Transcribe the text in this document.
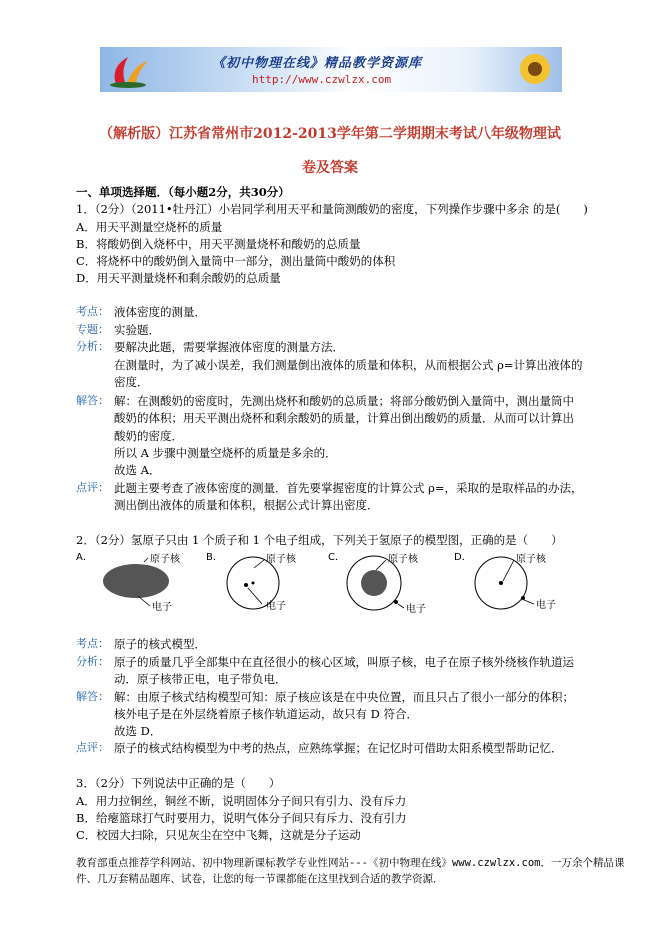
《初中物理在线》精品教学资源库
http://www.czwlzx.com
（解析版）江苏省常州市2012-2013学年第二学期期末考试八年级物理试
卷及答案
一、单项选择题．（每小题2分，共30分）
1．（2分）（2011•牡丹江）小岩同学利用天平和量筒测酸奶的密度，下列操作步骤中多余 的是(　　)
A．用天平测量空烧杯的质量
B．将酸奶倒入烧杯中，用天平测量烧杯和酸奶的总质量
C．将烧杯中的酸奶倒入量筒中一部分，测出量筒中酸奶的体积
D．用天平测量烧杯和剩余酸奶的总质量
考点： 液体密度的测量．
专题： 实验题．
分析： 要解决此题，需要掌握液体密度的测量方法．
在测量时，为了减小误差，我们测量倒出液体的质量和体积，从而根据公式 ρ=计算出液体的
密度．
解答： 解：在测酸奶的密度时，先测出烧杯和酸奶的总质量；将部分酸奶倒入量筒中，测出量筒中
酸奶的体积；用天平测出烧杯和剩余酸奶的质量，计算出倒出酸奶的质量．从而可以计算出
酸奶的密度．
所以 A 步骤中测量空烧杯的质量是多余的．
故选 A．
点评： 此题主要考查了液体密度的测量．首先要掌握密度的计算公式 ρ=，采取的是取样品的办法，
测出倒出液体的质量和体积，根据公式计算出密度．
2．（2分）氢原子只由 1 个质子和 1 个电子组成，下列关于氢原子的模型图，正确的是（　　）
A．	原子核
电子
B．	原子核
电子
C．	原子核
电子
D．	原子核
电子
考点： 原子的核式模型．
分析： 原子的质量几乎全部集中在直径很小的核心区域，叫原子核，电子在原子核外绕核作轨道运
动．原子核带正电，电子带负电．
解答： 解：由原子核式结构模型可知：原子核应该是在中央位置，而且只占了很小一部分的体积；
核外电子是在外层绕着原子核作轨道运动，故只有 D 符合．
故选 D．
点评： 原子的核式结构模型为中考的热点，应熟练掌握；在记忆时可借助太阳系模型帮助记忆．
3．（2分）下列说法中正确的是（　　）
A．用力拉铜丝，铜丝不断，说明固体分子间只有引力、没有斥力
B．给瘪篮球打气时要用力，说明气体分子间只有斥力、没有引力
C．校园大扫除，只见灰尘在空中飞舞，这就是分子运动
教育部重点推荐学科网站、初中物理新课标教学专业性网站---《初中物理在线》www.czwlzx.com．一万余个精品课
件、几万套精品题库、试卷，让您的每一节课都能在这里找到合适的教学资源．
